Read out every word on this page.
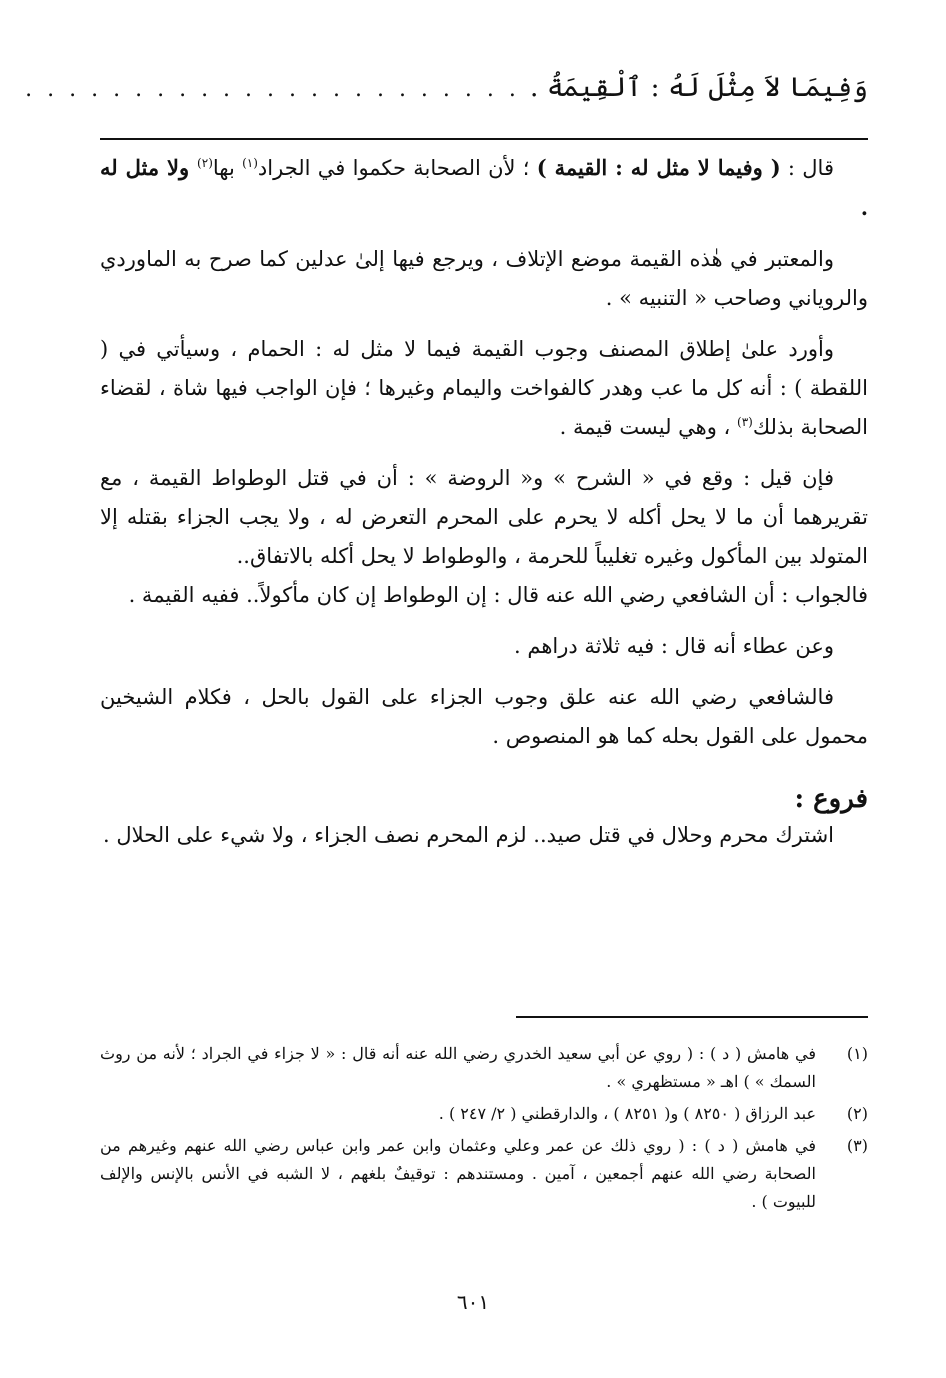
وَفِيمَا لاَ مِثْلَ لَهُ : ٱلْقِيمَةُ .
. . . . . . . . . . . . . . . . . . . . . . .

قال : ( وفيما لا مثل له : القيمة ) ؛ لأن الصحابة حكموا في الجراد$^{(١)}$ بها$^{(٢)}$ ولا مثل له .

والمعتبر في هٰذه القيمة موضع الإتلاف ، ويرجع فيها إلىٰ عدلين كما صرح به الماوردي والروياني وصاحب « التنبيه » .

وأورد علىٰ إطلاق المصنف وجوب القيمة فيما لا مثل له : الحمام ، وسيأتي في ( اللقطة ) : أنه كل ما عب وهدر كالفواخت واليمام وغيرها ؛ فإن الواجب فيها شاة ، لقضاء الصحابة بذلك$^{(٣)}$ ، وهي ليست قيمة .

فإن قيل : وقع في « الشرح » و« الروضة » : أن في قتل الوطواط القيمة ، مع تقريرهما أن ما لا يحل أكله لا يحرم على المحرم التعرض له ، ولا يجب الجزاء بقتله إلا المتولد بين المأكول وغيره تغليباً للحرمة ، والوطواط لا يحل أكله بالاتفاق..

فالجواب : أن الشافعي رضي الله عنه قال : إن الوطواط إن كان مأكولاً.. ففيه القيمة .

وعن عطاء أنه قال : فيه ثلاثة دراهم .

فالشافعي رضي الله عنه علق وجوب الجزاء على القول بالحل ، فكلام الشيخين محمول على القول بحله كما هو المنصوص .

فروع :

اشترك محرم وحلال في قتل صيد.. لزم المحرم نصف الجزاء ، ولا شيء على الحلال .

(١)
في هامش ( د ) : ( روي عن أبي سعيد الخدري رضي الله عنه أنه قال : « لا جزاء في الجراد ؛ لأنه من روث السمك » ) اهـ « مستظهري » .
(٢)
عبد الرزاق ( ٨٢٥٠ ) و( ٨٢٥١ ) ، والدارقطني ( ٢/ ٢٤٧ ) .
(٣)
في هامش ( د ) : ( روي ذلك عن عمر وعلي وعثمان وابن عمر وابن عباس رضي الله عنهم وغيرهم من الصحابة رضي الله عنهم أجمعين ، آمين . ومستندهم : توقيفٌ بلغهم ، لا الشبه في الأنس بالإنس والإلف للبيوت ) .
٦٠١
